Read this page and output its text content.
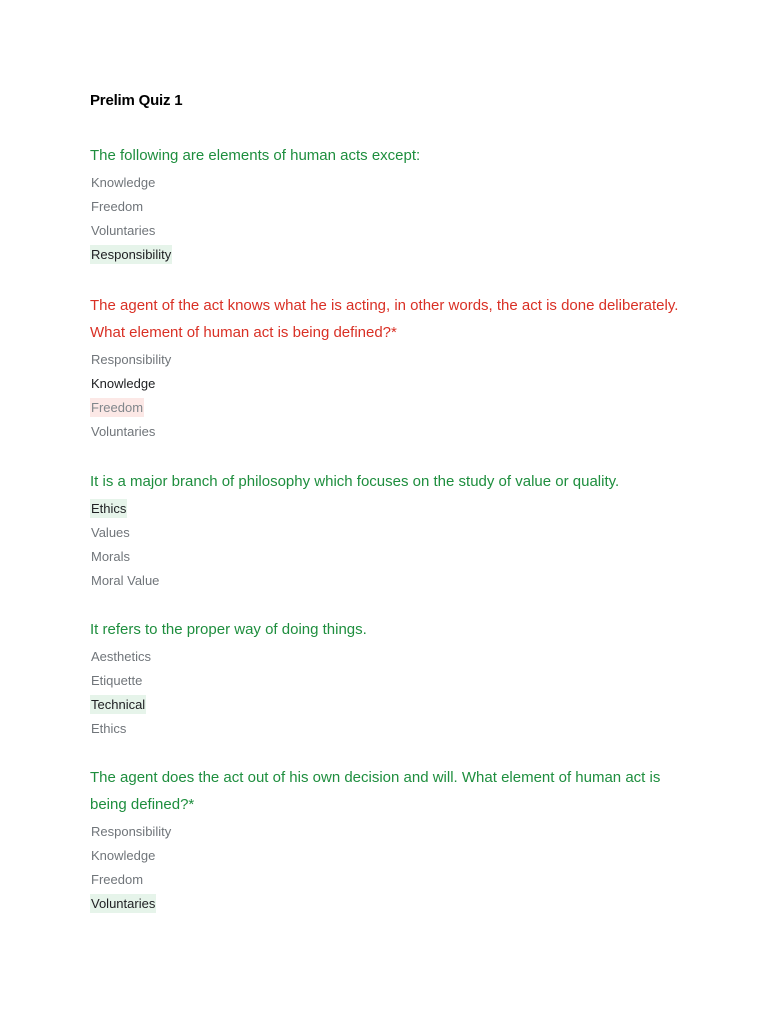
Prelim Quiz 1

The following are elements of human acts except:

Knowledge
Freedom
Voluntaries
Responsibility

The agent of the act knows what he is acting, in other words, the act is done deliberately. What element of human act is being defined?*

Responsibility
Knowledge
Freedom
Voluntaries

It is a major branch of philosophy which focuses on the study of value or quality.

Ethics
Values
Morals
Moral Value

It refers to the proper way of doing things.

Aesthetics
Etiquette
Technical
Ethics

The agent does the act out of his own decision and will. What element of human act is being defined?*

Responsibility
Knowledge
Freedom
Voluntaries
